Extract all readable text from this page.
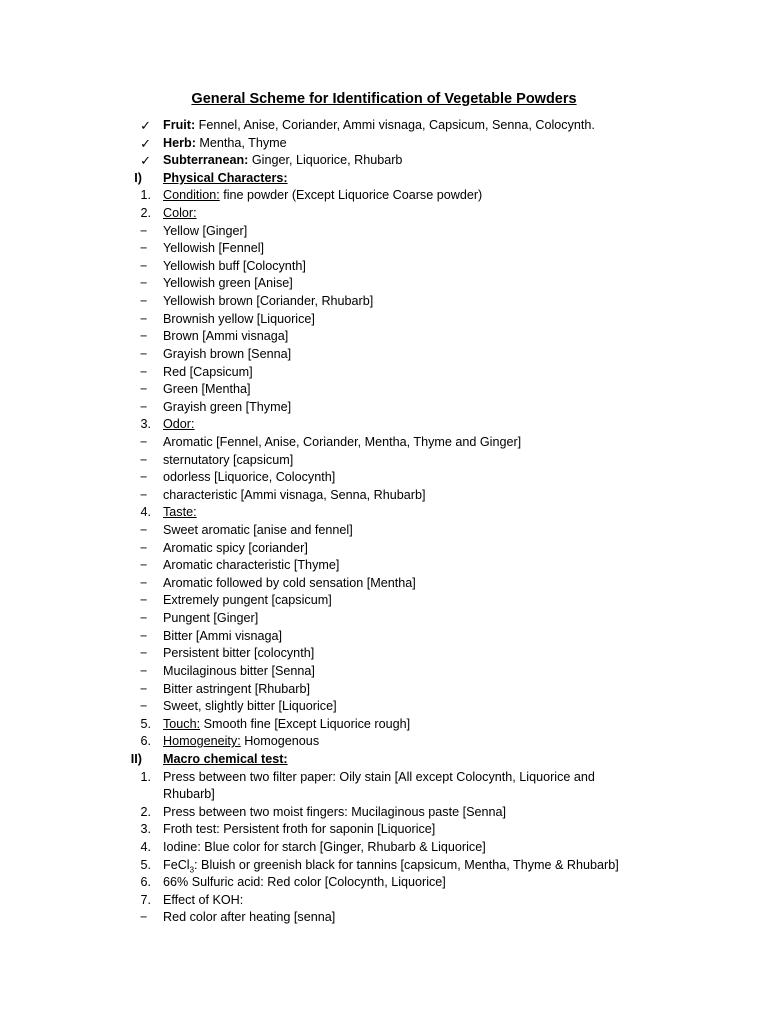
General Scheme for Identification of Vegetable Powders
✓ Fruit: Fennel, Anise, Coriander, Ammi visnaga, Capsicum, Senna, Colocynth.
✓ Herb: Mentha, Thyme
✓ Subterranean: Ginger, Liquorice, Rhubarb
I) Physical Characters:
1. Condition: fine powder (Except Liquorice Coarse powder)
2. Color:
−	Yellow [Ginger]
−	Yellowish [Fennel]
−	Yellowish buff [Colocynth]
−	Yellowish green [Anise]
−	Yellowish brown [Coriander, Rhubarb]
−	Brownish yellow [Liquorice]
−	Brown [Ammi visnaga]
−	Grayish brown [Senna]
−	Red [Capsicum]
−	Green [Mentha]
−	Grayish green [Thyme]
3. Odor:
−	Aromatic [Fennel, Anise, Coriander, Mentha, Thyme and Ginger]
−	sternutatory [capsicum]
−	odorless [Liquorice, Colocynth]
−	characteristic [Ammi visnaga, Senna, Rhubarb]
4. Taste:
−	Sweet aromatic [anise and fennel]
−	Aromatic spicy [coriander]
−	Aromatic characteristic [Thyme]
−	Aromatic followed by cold sensation [Mentha]
−	Extremely pungent [capsicum]
−	Pungent [Ginger]
−	Bitter [Ammi visnaga]
−	Persistent bitter [colocynth]
−	Mucilaginous bitter [Senna]
−	Bitter astringent [Rhubarb]
−	Sweet, slightly bitter [Liquorice]
5. Touch: Smooth fine [Except Liquorice rough]
6. Homogeneity: Homogenous
II) Macro chemical test:
1. Press between two filter paper: Oily stain [All except Colocynth, Liquorice and Rhubarb]
2. Press between two moist fingers: Mucilaginous paste [Senna]
3. Froth test: Persistent froth for saponin [Liquorice]
4. Iodine: Blue color for starch [Ginger, Rhubarb & Liquorice]
5. FeCl$_3$: Bluish or greenish black for tannins [capsicum, Mentha, Thyme & Rhubarb]
6. 66% Sulfuric acid: Red color [Colocynth, Liquorice]
7. Effect of KOH:
−	Red color after heating [senna]
